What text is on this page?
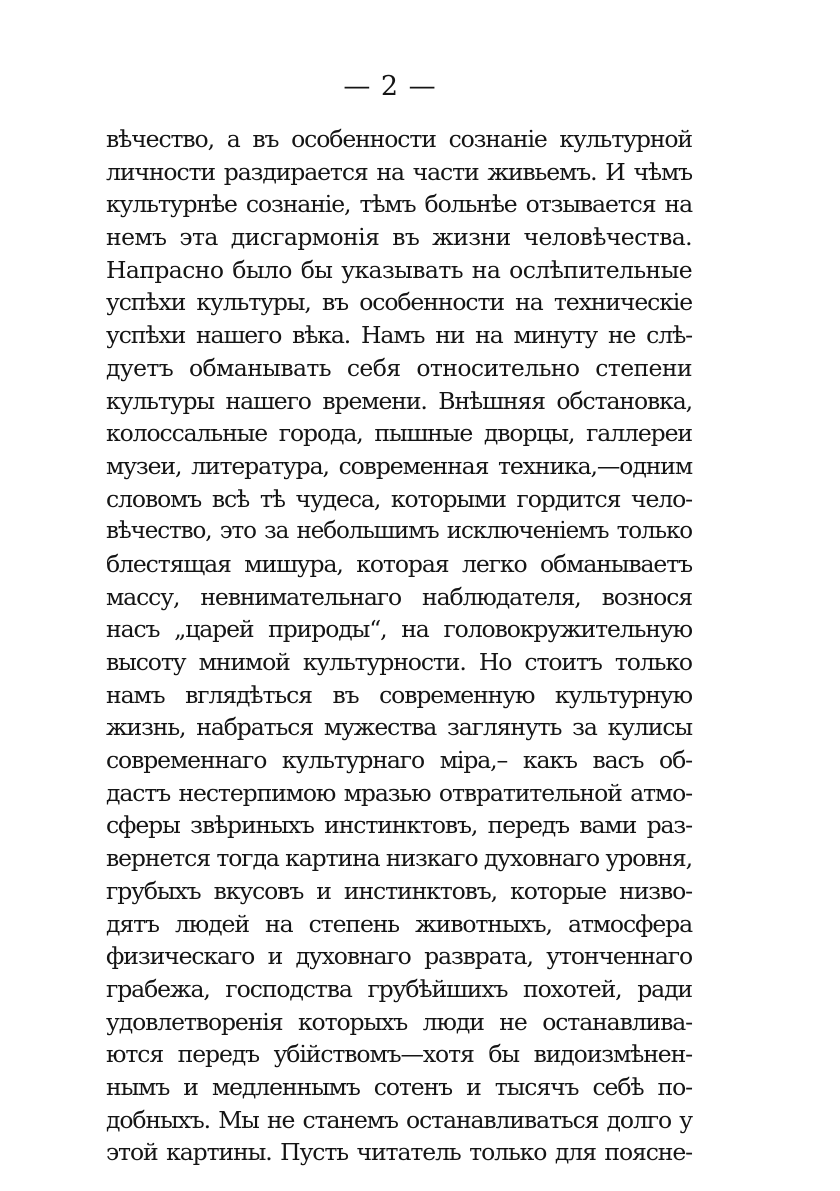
— 2 —
вѣчество, а въ особенности сознаніе культурной
личности раздирается на части живьемъ. И чѣмъ
культурнѣе сознаніе, тѣмъ больнѣе отзывается на
немъ эта дисгармонія въ жизни человѣчества.
Напрасно было бы указывать на ослѣпительные
успѣхи культуры, въ особенности на техническіе
успѣхи нашего вѣка. Намъ ни на минуту не слѣ-
дуетъ обманывать себя относительно степени
культуры нашего времени. Внѣшняя обстановка,
колоссальные города, пышные дворцы, галлереи
музеи, литература, современная техника,—одним
словомъ всѣ тѣ чудеса, которыми гордится чело-
вѣчество, это за небольшимъ исключеніемъ только
блестящая мишура, которая легко обманываетъ
массу, невнимательнаго наблюдателя, вознося
насъ „царей природы“, на головокружительную
высоту мнимой культурности. Но стоитъ только
намъ вглядѣться въ современную культурную
жизнь, набраться мужества заглянуть за кулисы
современнаго культурнаго міра,– какъ васъ об-
дастъ нестерпимою мразью отвратительной атмо-
сферы звѣриныхъ инстинктовъ, передъ вами раз-
вернется тогда картина низкаго духовнаго уровня,
грубыхъ вкусовъ и инстинктовъ, которые низво-
дятъ людей на степень животныхъ, атмосфера
физическаго и духовнаго разврата, утонченнаго
грабежа, господства грубѣйшихъ похотей, ради
удовлетворенія которыхъ люди не останавлива-
ются передъ убійствомъ—хотя бы видоизмѣнен-
нымъ и медленнымъ сотенъ и тысячъ себѣ по-
добныхъ. Мы не станемъ останавливаться долго у
этой картины. Пусть читатель только для поясне-
